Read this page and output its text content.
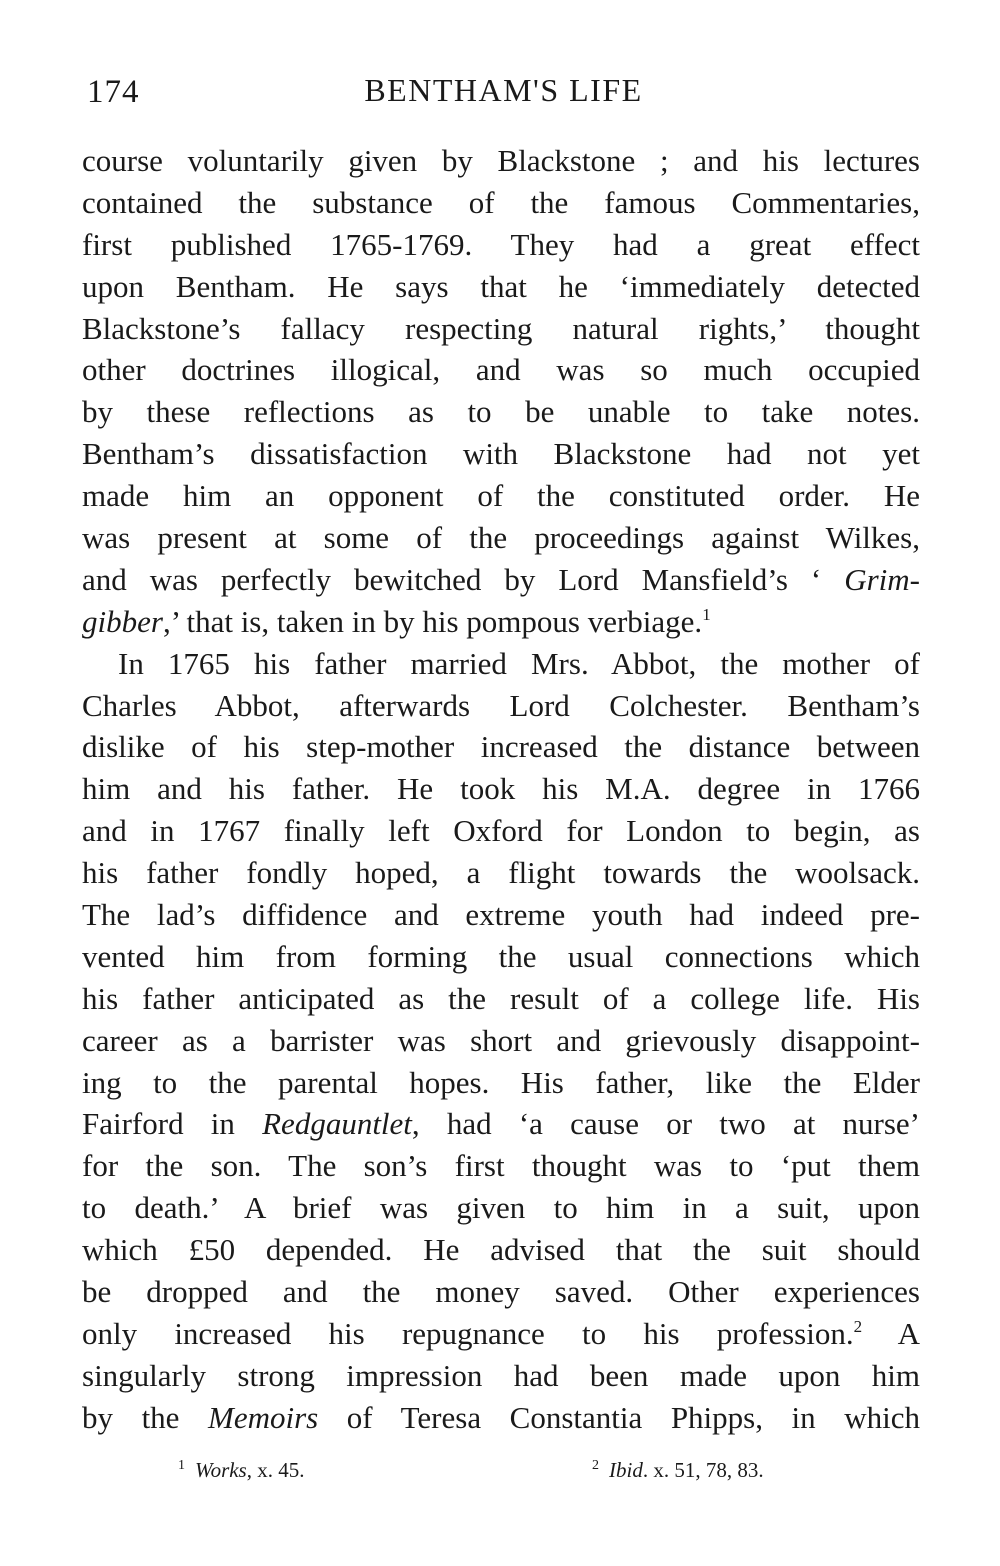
174	BENTHAM'S LIFE
course voluntarily given by Blackstone ; and his lectures
contained the substance of the famous Commentaries,
first published 1765-1769. They had a great effect
upon Bentham. He says that he ‘immediately detected
Blackstone’s fallacy respecting natural rights,’ thought
other doctrines illogical, and was so much occupied
by these reflections as to be unable to take notes.
Bentham’s dissatisfaction with Blackstone had not yet
made him an opponent of the constituted order. He
was present at some of the proceedings against Wilkes,
and was perfectly bewitched by Lord Mansfield’s ‘ Grim-
gibber,’ that is, taken in by his pompous verbiage.$^1$
In 1765 his father married Mrs. Abbot, the mother of
Charles Abbot, afterwards Lord Colchester. Bentham’s
dislike of his step-mother increased the distance between
him and his father. He took his M.A. degree in 1766
and in 1767 finally left Oxford for London to begin, as
his father fondly hoped, a flight towards the woolsack.
The lad’s diffidence and extreme youth had indeed pre-
vented him from forming the usual connections which
his father anticipated as the result of a college life. His
career as a barrister was short and grievously disappoint-
ing to the parental hopes. His father, like the Elder
Fairford in Redgauntlet, had ‘a cause or two at nurse’
for the son. The son’s first thought was to ‘put them
to death.’ A brief was given to him in a suit, upon
which £50 depended. He advised that the suit should
be dropped and the money saved. Other experiences
only increased his repugnance to his profession.$^2$ A
singularly strong impression had been made upon him
by the Memoirs of Teresa Constantia Phipps, in which
$^1$ Works, x. 45.	$^2$ Ibid. x. 51, 78, 83.
